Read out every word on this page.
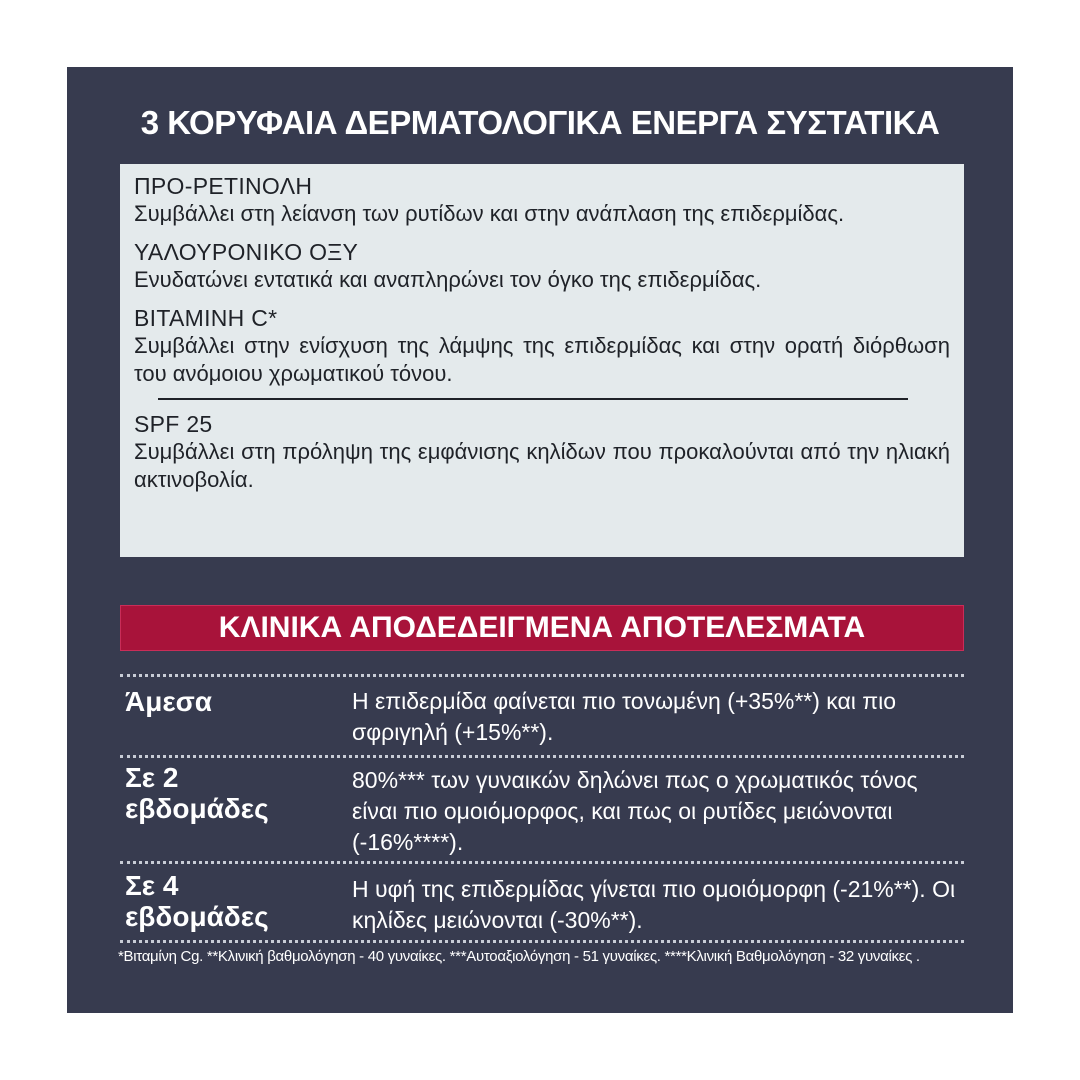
3 ΚΟΡΥΦΑΙΑ ΔΕΡΜΑΤΟΛΟΓΙΚΑ ΕΝΕΡΓΑ ΣΥΣΤΑΤΙΚΑ
ΠΡΟ-ΡΕΤΙΝΟΛΗ
Συμβάλλει στη λείανση των ρυτίδων και στην ανάπλαση της επιδερμίδας.
ΥΑΛΟΥΡΟΝΙΚΟ ΟΞΥ
Ενυδατώνει εντατικά και αναπληρώνει τον όγκο της επιδερμίδας.
ΒΙΤΑΜΙΝΗ C*
Συμβάλλει στην ενίσχυση της λάμψης της επιδερμίδας και στην ορατή διόρθωση του ανόμοιου χρωματικού τόνου.
SPF 25
Συμβάλλει στη πρόληψη της εμφάνισης κηλίδων που προκαλούνται από την ηλιακή ακτινοβολία.
ΚΛΙΝΙΚΑ ΑΠΟΔΕΔΕΙΓΜΕΝΑ ΑΠΟΤΕΛΕΣΜΑΤΑ
Άμεσα	Η επιδερμίδα φαίνεται πιο τονωμένη (+35%**) και πιο σφριγηλή (+15%**).
Σε 2 εβδομάδες
80%*** των γυναικών δηλώνει πως ο χρωματικός τόνος είναι πιο ομοιόμορφος, και πως οι ρυτίδες μειώνονται (-16%****).
Σε 4 εβδομάδες
Η υφή της επιδερμίδας γίνεται πιο ομοιόμορφη (-21%**). Οι κηλίδες μειώνονται (-30%**).
*Βιταμίνη Cg. **Κλινική βαθμολόγηση - 40 γυναίκες. ***Αυτοαξιολόγηση - 51 γυναίκες. ****Κλινική Βαθμολόγηση - 32 γυναίκες .
